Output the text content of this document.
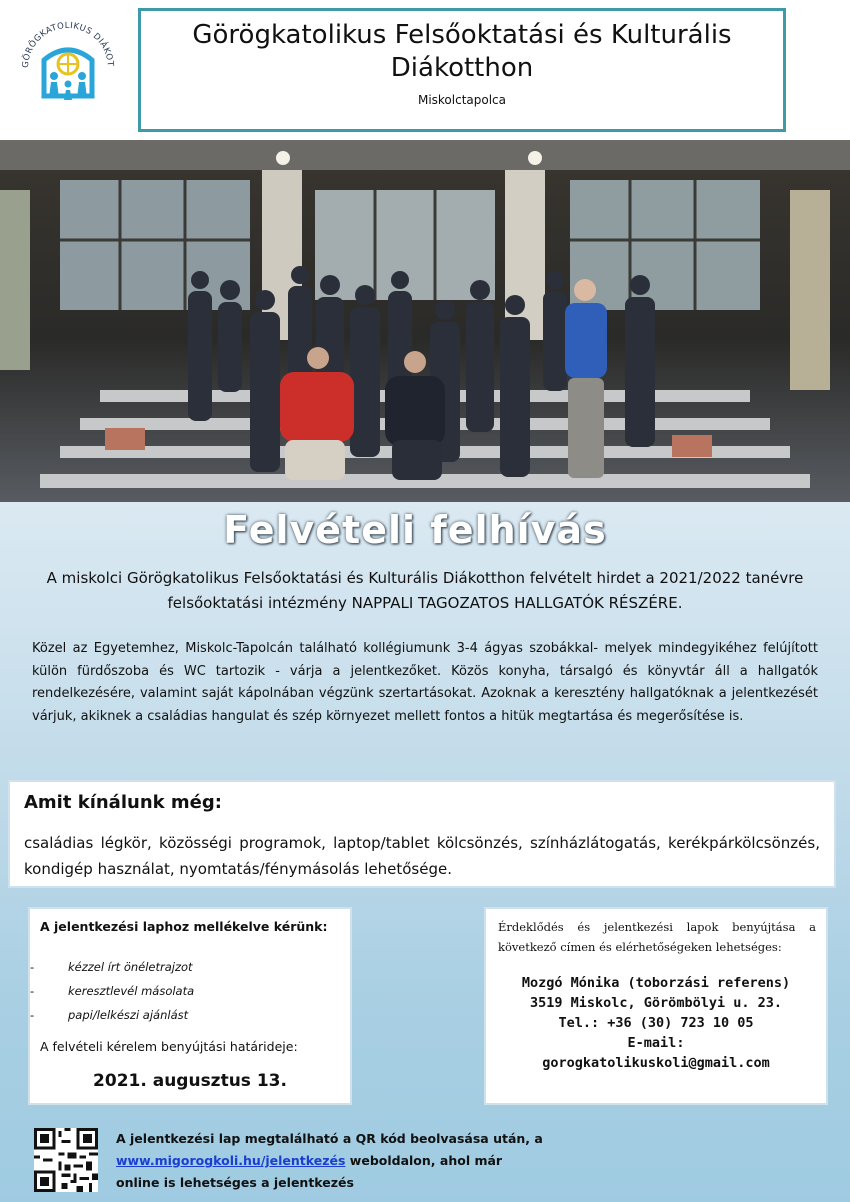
GÖRÖGKATOLIKUS DIÁKOT
Görögkatolikus Felsőoktatási és Kulturális Diákotthon
Miskolctapolca
Felvételi felhívás
A miskolci Görögkatolikus Felsőoktatási és Kulturális Diákotthon felvételt hirdet a 2021/2022 tanévre felsőoktatási intézmény NAPPALI TAGOZATOS HALLGATÓK RÉSZÉRE.
Közel az Egyetemhez, Miskolc-Tapolcán található kollégiumunk 3-4 ágyas szobákkal- melyek mindegyikéhez felújított külön fürdőszoba és WC tartozik - várja a jelentkezőket. Közös konyha, társalgó és könyvtár áll a hallgatók rendelkezésére, valamint saját kápolnában végzünk szertartásokat. Azoknak a keresztény hallgatóknak a jelentkezését várjuk, akiknek a családias hangulat és szép környezet mellett fontos a hitük megtartása és megerősítése is.
Amit kínálunk még:
családias légkör, közösségi programok, laptop/tablet kölcsönzés, színházlátogatás, kerékpárkölcsönzés, kondigép használat, nyomtatás/fénymásolás lehetősége.
A jelentkezési laphoz mellékelve kérünk:
- kézzel írt önéletrajzot
- keresztlevél másolata
- papi/lelkészi ajánlást
A felvételi kérelem benyújtási határideje:
2021. augusztus 13.
Érdeklődés és jelentkezési lapok benyújtása a következő címen és elérhetőségeken lehetséges:
Mozgó Mónika (toborzási referens)
3519 Miskolc, Görömbölyi u. 23.
Tel.: +36 (30) 723 10 05
E-mail:
gorogkatolikuskoli@gmail.com
A jelentkezési lap megtalálható a QR kód beolvasása után, a www.migorogkoli.hu/jelentkezés weboldalon, ahol már online is lehetséges a jelentkezés
